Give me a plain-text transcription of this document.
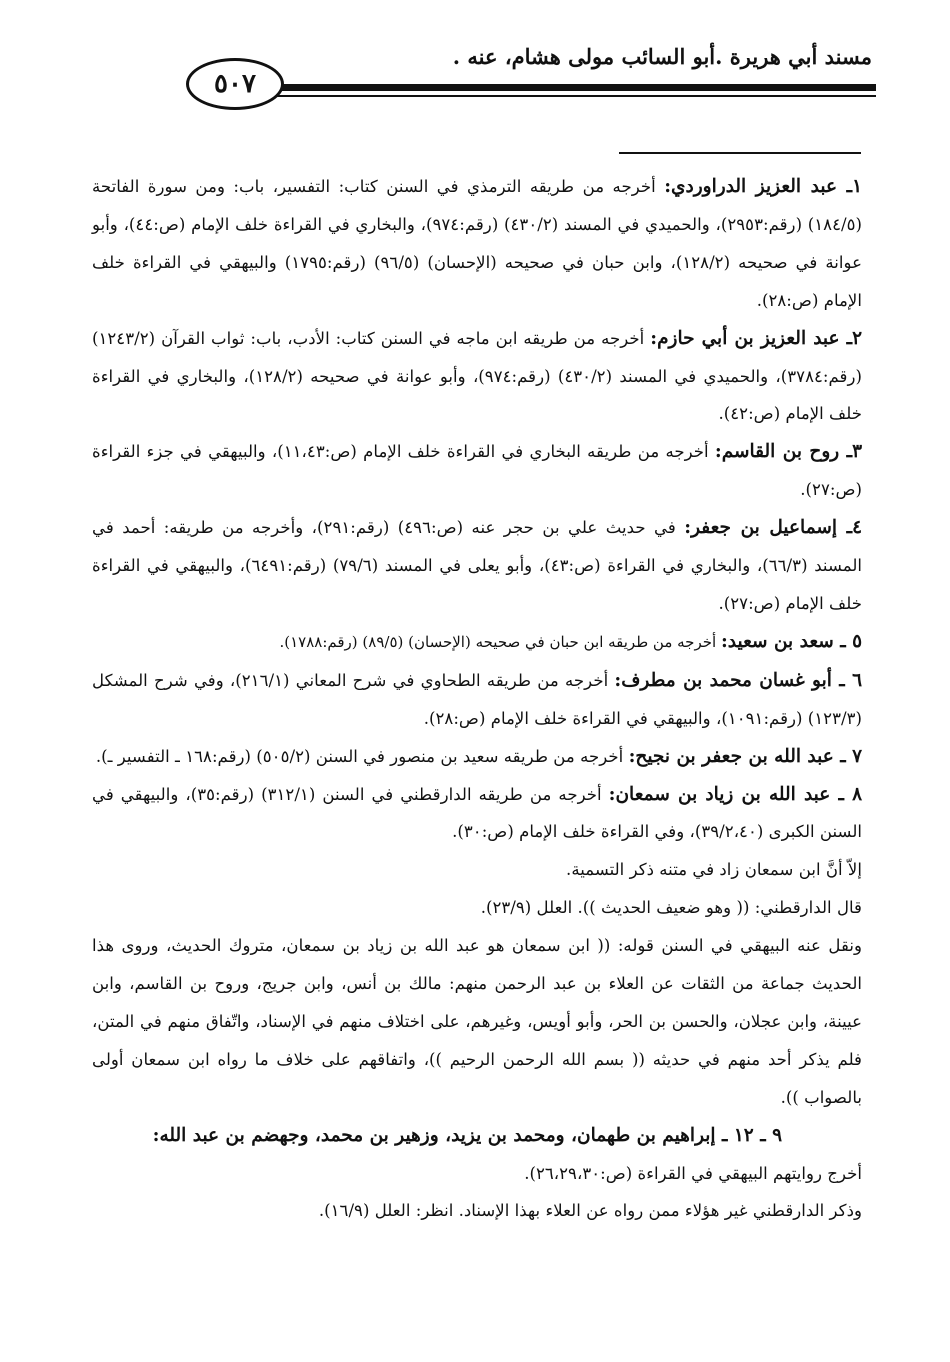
مسند أبي هريرة .أبو السائب مولى هشام، عنه .
٥٠٧

١ـ عبد العزيز الدراوردي: أخرجه من طريقه الترمذي في السنن كتاب: التفسير، باب: ومن سورة الفاتحة (١٨٤/٥) (رقم:٢٩٥٣)، والحميدي في المسند (٤٣٠/٢) (رقم:٩٧٤)، والبخاري في القراءة خلف الإمام (ص:٤٤)، وأبو عوانة في صحيحه (١٢٨/٢)، وابن حبان في صحيحه (الإحسان) (٩٦/٥) (رقم:١٧٩٥) والبيهقي في القراءة خلف الإمام (ص:٢٨).

٢ـ عبد العزيز بن أبي حازم: أخرجه من طريقه ابن ماجه في السنن كتاب: الأدب، باب: ثواب القرآن (١٢٤٣/٢) (رقم:٣٧٨٤)، والحميدي في المسند (٤٣٠/٢) (رقم:٩٧٤)، وأبو عوانة في صحيحه (١٢٨/٢)، والبخاري في القراءة خلف الإمام (ص:٤٢).

٣ـ روح بن القاسم: أخرجه من طريقه البخاري في القراءة خلف الإمام (ص:١١،٤٣)، والبيهقي في جزء القراءة (ص:٢٧).

٤ـ إسماعيل بن جعفر: في حديث علي بن حجر عنه (ص:٤٩٦) (رقم:٢٩١)، وأخرجه من طريقه: أحمد في المسند (٦٦/٣)، والبخاري في القراءة (ص:٤٣)، وأبو يعلى في المسند (٧٩/٦) (رقم:٦٤٩١)، والبيهقي في القراءة خلف الإمام (ص:٢٧).

٥ ـ سعد بن سعيد: أخرجه من طريقه ابن حبان في صحيحه (الإحسان) (٨٩/٥) (رقم:١٧٨٨).

٦ ـ أبو غسان محمد بن مطرف: أخرجه من طريقه الطحاوي في شرح المعاني (٢١٦/١)، وفي شرح المشكل (١٢٣/٣) (رقم:١٠٩١)، والبيهقي في القراءة خلف الإمام (ص:٢٨).

٧ ـ عبد الله بن جعفر بن نجيح: أخرجه من طريقه سعيد بن منصور في السنن (٥٠٥/٢) (رقم:١٦٨ ـ التفسير ـ).

٨ ـ عبد الله بن زياد بن سمعان: أخرجه من طريقه الدارقطني في السنن (٣١٢/١) (رقم:٣٥)، والبيهقي في السنن الكبرى (٣٩/٢،٤٠)، وفي القراءة خلف الإمام (ص:٣٠).

إلاّ أنَّ ابن سمعان زاد في متنه ذكر التسمية.

قال الدارقطني: (( وهو ضعيف الحديث )). العلل (٢٣/٩).

ونقل عنه البيهقي في السنن قوله: (( ابن سمعان هو عبد الله بن زياد بن سمعان، متروك الحديث، وروى هذا الحديث جماعة من الثقات عن العلاء بن عبد الرحمن منهم: مالك بن أنس، وابن جريج، وروح بن القاسم، وابن عيينة، وابن عجلان، والحسن بن الحر، وأبو أويس، وغيرهم، على اختلاف منهم في الإسناد، واتّفاق منهم في المتن، فلم يذكر أحد منهم في حديثه (( بسم الله الرحمن الرحيم ))، واتفاقهم على خلاف ما رواه ابن سمعان أولى بالصواب )).

٩ ـ ١٢ ـ إبراهيم بن طهمان، ومحمد بن يزيد، وزهير بن محمد، وجهضم بن عبد الله:

أخرج روايتهم البيهقي في القراءة (ص:٢٦،٢٩،٣٠).

وذكر الدارقطني غير هؤلاء ممن رواه عن العلاء بهذا الإسناد. انظر: العلل (١٦/٩).
